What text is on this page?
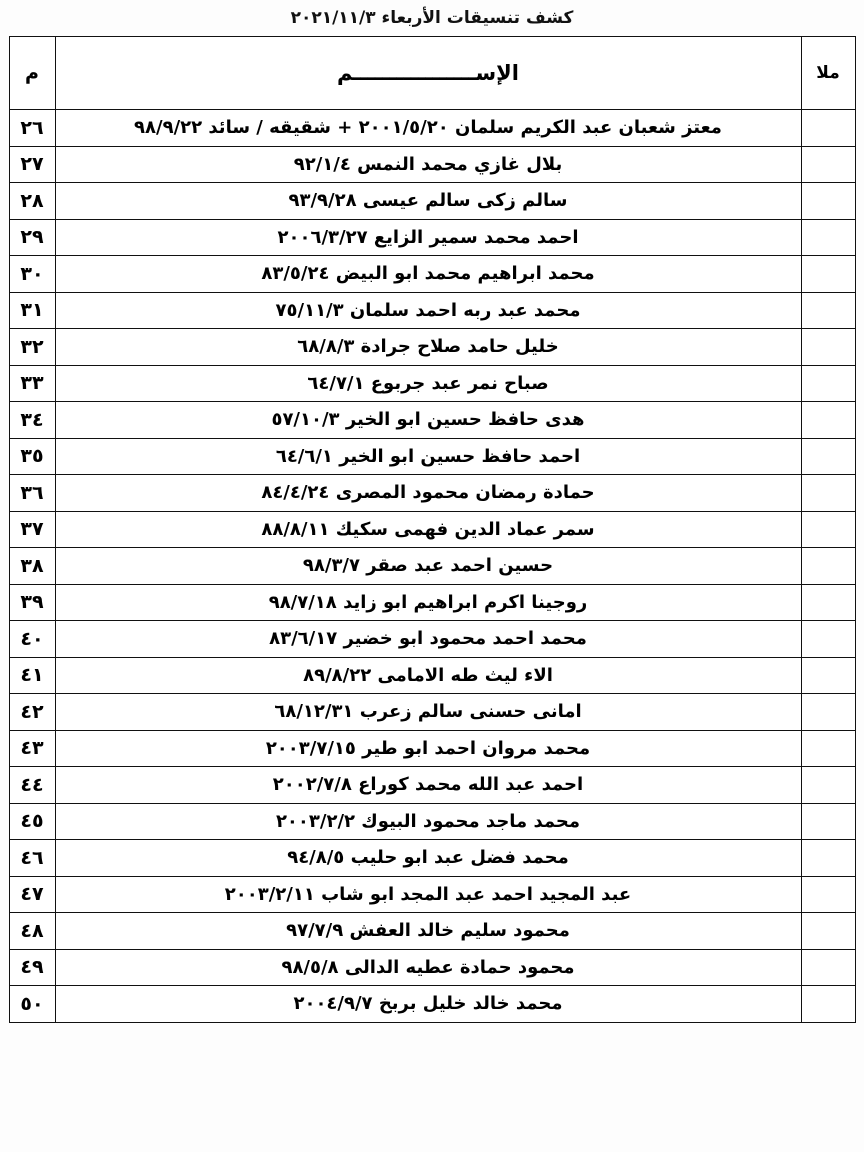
كشف تنسيقات الأربعاء ٢٠٢١/١١/٣
ملا	الإســـــــــــــــــم	م
	معتز شعبان عبد الكريم سلمان ٢٠٠١/٥/٢٠ + شقيقه / سائد ٩٨/٩/٢٢	٢٦
	بلال غازي محمد النمس ٩٢/١/٤	٢٧
	سالم زكى سالم عيسى ٩٣/٩/٢٨	٢٨
	احمد محمد سمير الزايع ٢٠٠٦/٣/٢٧	٢٩
	محمد ابراهيم محمد ابو البيض ٨٣/٥/٢٤	٣٠
	محمد عبد ربه احمد سلمان ٧٥/١١/٣	٣١
	خليل حامد صلاح جرادة ٦٨/٨/٣	٣٢
	صباح نمر عبد جربوع ٦٤/٧/١	٣٣
	هدى حافظ حسين ابو الخير ٥٧/١٠/٣	٣٤
	احمد حافظ حسين ابو الخير ٦٤/٦/١	٣٥
	حمادة رمضان محمود المصرى ٨٤/٤/٢٤	٣٦
	سمر عماد الدين فهمى سكيك ٨٨/٨/١١	٣٧
	حسين احمد عبد صقر ٩٨/٣/٧	٣٨
	روجينا اكرم ابراهيم ابو زايد ٩٨/٧/١٨	٣٩
	محمد احمد محمود ابو خضير ٨٣/٦/١٧	٤٠
	الاء ليث طه الامامى ٨٩/٨/٢٢	٤١
	امانى حسنى سالم زعرب ٦٨/١٢/٣١	٤٢
	محمد مروان احمد ابو طير ٢٠٠٣/٧/١٥	٤٣
	احمد عبد الله محمد كوراع ٢٠٠٢/٧/٨	٤٤
	محمد ماجد محمود البيوك ٢٠٠٣/٢/٢	٤٥
	محمد فضل عبد ابو حليب ٩٤/٨/٥	٤٦
	عبد المجيد احمد عبد المجد ابو شاب ٢٠٠٣/٢/١١	٤٧
	محمود سليم خالد العفش ٩٧/٧/٩	٤٨
	محمود حمادة عطيه الدالى ٩٨/٥/٨	٤٩
	محمد خالد خليل بربخ ٢٠٠٤/٩/٧	٥٠
